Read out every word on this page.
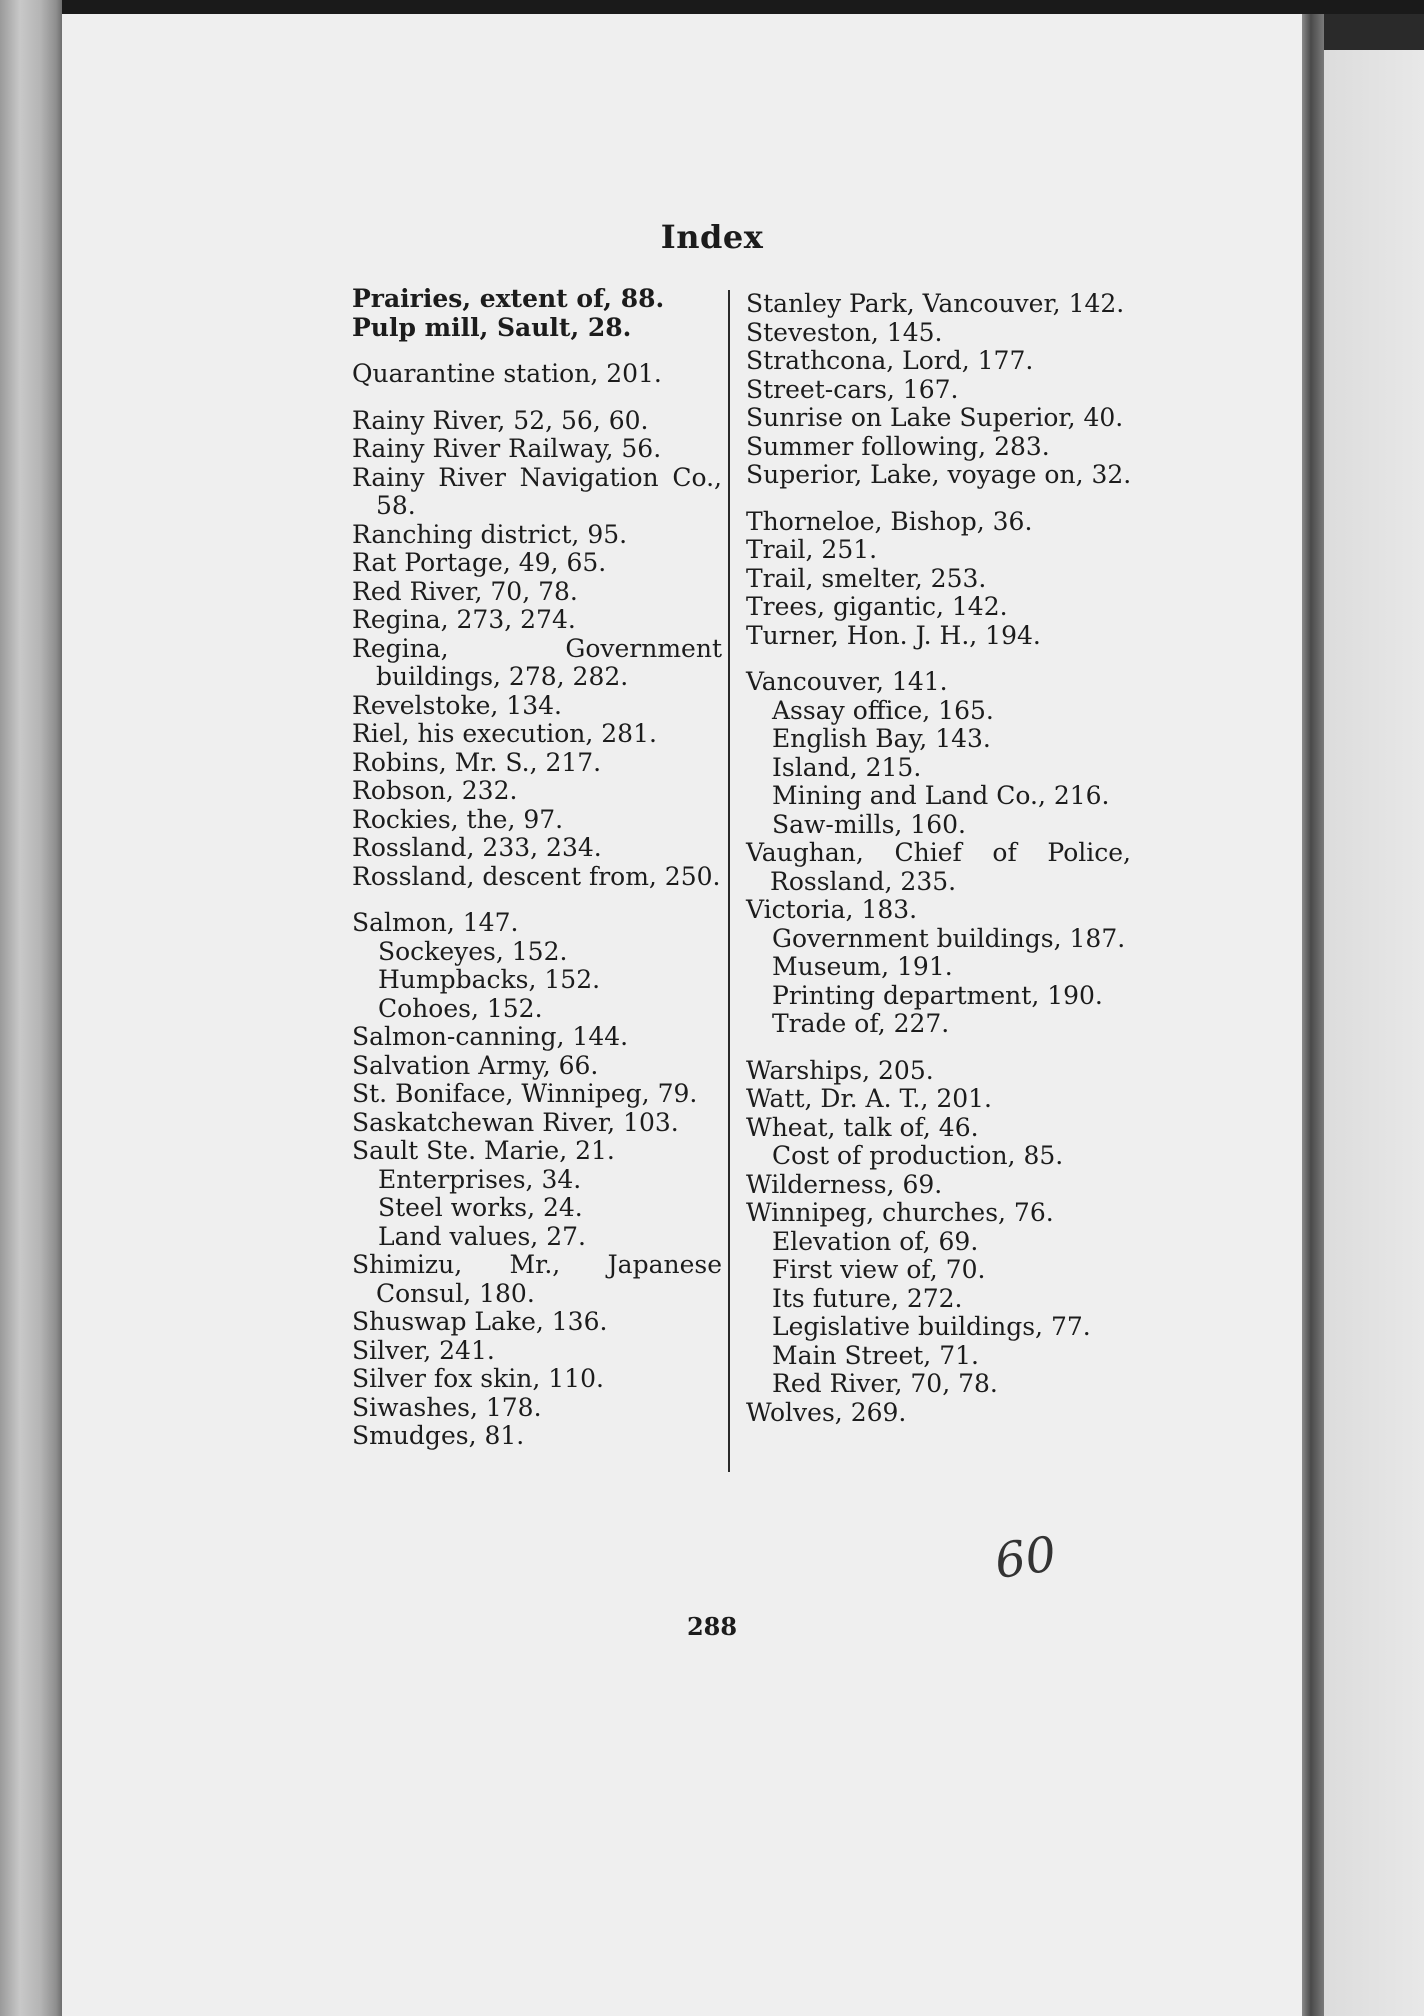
Index
Prairies, extent of, 88.
Pulp mill, Sault, 28.
Quarantine station, 201.
Rainy River, 52, 56, 60.
Rainy River Railway, 56.
Rainy River Navigation Co., 58.
Ranching district, 95.
Rat Portage, 49, 65.
Red River, 70, 78.
Regina, 273, 274.
Regina, Government buildings, 278, 282.
Revelstoke, 134.
Riel, his execution, 281.
Robins, Mr. S., 217.
Robson, 232.
Rockies, the, 97.
Rossland, 233, 234.
Rossland, descent from, 250.
Salmon, 147.
Sockeyes, 152.
Humpbacks, 152.
Cohoes, 152.
Salmon-canning, 144.
Salvation Army, 66.
St. Boniface, Winnipeg, 79.
Saskatchewan River, 103.
Sault Ste. Marie, 21.
Enterprises, 34.
Steel works, 24.
Land values, 27.
Shimizu, Mr., Japanese Consul, 180.
Shuswap Lake, 136.
Silver, 241.
Silver fox skin, 110.
Siwashes, 178.
Smudges, 81.
Stanley Park, Vancouver, 142.
Steveston, 145.
Strathcona, Lord, 177.
Street-cars, 167.
Sunrise on Lake Superior, 40.
Summer following, 283.
Superior, Lake, voyage on, 32.
Thorneloe, Bishop, 36.
Trail, 251.
Trail, smelter, 253.
Trees, gigantic, 142.
Turner, Hon. J. H., 194.
Vancouver, 141.
Assay office, 165.
English Bay, 143.
Island, 215.
Mining and Land Co., 216.
Saw-mills, 160.
Vaughan, Chief of Police, Rossland, 235.
Victoria, 183.
Government buildings, 187.
Museum, 191.
Printing department, 190.
Trade of, 227.
Warships, 205.
Watt, Dr. A. T., 201.
Wheat, talk of, 46.
Cost of production, 85.
Wilderness, 69.
Winnipeg, churches, 76.
Elevation of, 69.
First view of, 70.
Its future, 272.
Legislative buildings, 77.
Main Street, 71.
Red River, 70, 78.
Wolves, 269.
288
60
